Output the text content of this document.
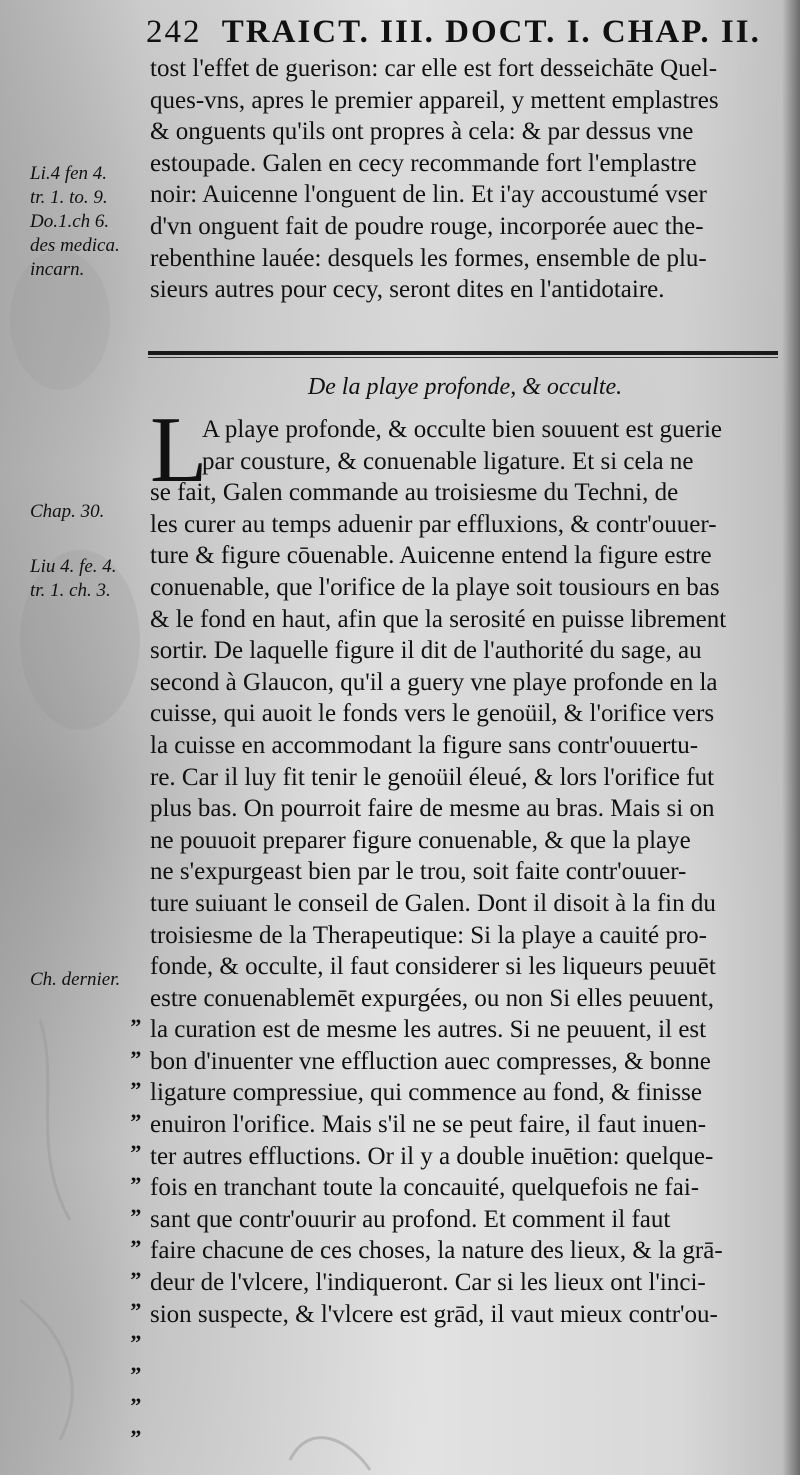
242 TRAICT. III. DOCT. I. CHAP. II.
tost l'effet de guerison: car elle est fort desseichāte Quel-
ques-vns, apres le premier appareil, y mettent emplastres
& onguents qu'ils ont propres à cela: & par dessus vne
estoupade. Galen en cecy recommande fort l'emplastre
noir: Auicenne l'onguent de lin. Et i'ay accoustumé vser
d'vn onguent fait de poudre rouge, incorporée auec the-
rebenthine lauée: desquels les formes, ensemble de plu-
sieurs autres pour cecy, seront dites en l'antidotaire.
Li.4 fen 4.
tr. 1. to. 9.
Do.1.ch 6.
des medica.
incarn.
De la playe profonde, & occulte.
L
A playe profonde, & occulte bien souuent est guerie
par cousture, & conuenable ligature. Et si cela ne
se fait, Galen commande au troisiesme du Techni, de
les curer au temps aduenir par effluxions, & contr'ouuer-
ture & figure cōuenable. Auicenne entend la figure estre
conuenable, que l'orifice de la playe soit tousiours en bas
& le fond en haut, afin que la serosité en puisse librement
sortir. De laquelle figure il dit de l'authorité du sage, au
second à Glaucon, qu'il a guery vne playe profonde en la
cuisse, qui auoit le fonds vers le genoüil, & l'orifice vers
la cuisse en accommodant la figure sans contr'ouuertu-
re. Car il luy fit tenir le genoüil éleué, & lors l'orifice fut
plus bas. On pourroit faire de mesme au bras. Mais si on
ne pouuoit preparer figure conuenable, & que la playe
ne s'expurgeast bien par le trou, soit faite contr'ouuer-
ture suiuant le conseil de Galen. Dont il disoit à la fin du
troisiesme de la Therapeutique: Si la playe a cauité pro-
fonde, & occulte, il faut considerer si les liqueurs peuuēt
estre conuenablemēt expurgées, ou non Si elles peuuent,
la curation est de mesme les autres. Si ne peuuent, il est
bon d'inuenter vne effluction auec compresses, & bonne
ligature compressiue, qui commence au fond, & finisse
enuiron l'orifice. Mais s'il ne se peut faire, il faut inuen-
ter autres effluctions. Or il y a double inuētion: quelque-
fois en tranchant toute la concauité, quelquefois ne fai-
sant que contr'ouurir au profond. Et comment il faut
faire chacune de ces choses, la nature des lieux, & la grā-
deur de l'vlcere, l'indiqueront. Car si les lieux ont l'inci-
sion suspecte, & l'vlcere est grād, il vaut mieux contr'ou-
Chap. 30.
Liu 4. fe. 4.
tr. 1. ch. 3.
Ch. dernier.
„
„
„
„
„
„
„
„
„
„
„
„
„
„
